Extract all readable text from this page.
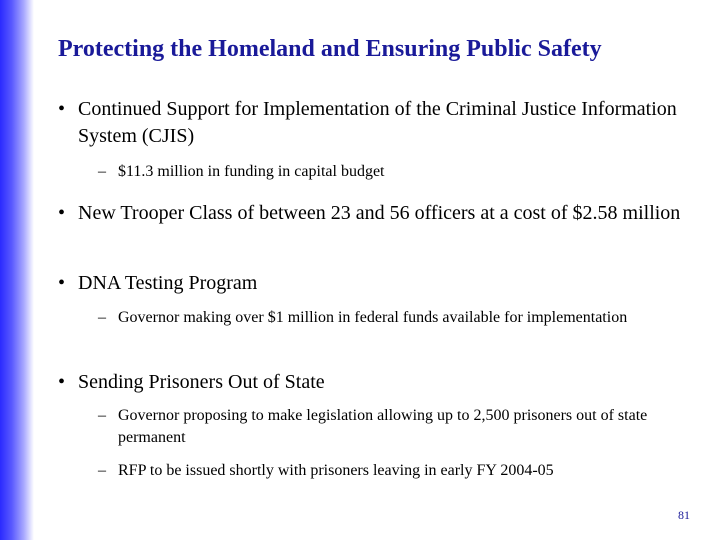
Protecting the Homeland and Ensuring Public Safety
• Continued Support for Implementation of the Criminal Justice Information System (CJIS)
– $11.3 million in funding in capital budget
• New Trooper Class of between 23 and 56 officers at a cost of $2.58 million
• DNA Testing Program
– Governor making over $1 million in federal funds available for implementation
• Sending Prisoners Out of State
– Governor proposing to make legislation allowing up to 2,500 prisoners out of state permanent
– RFP to be issued shortly with prisoners leaving in early FY 2004-05
81
